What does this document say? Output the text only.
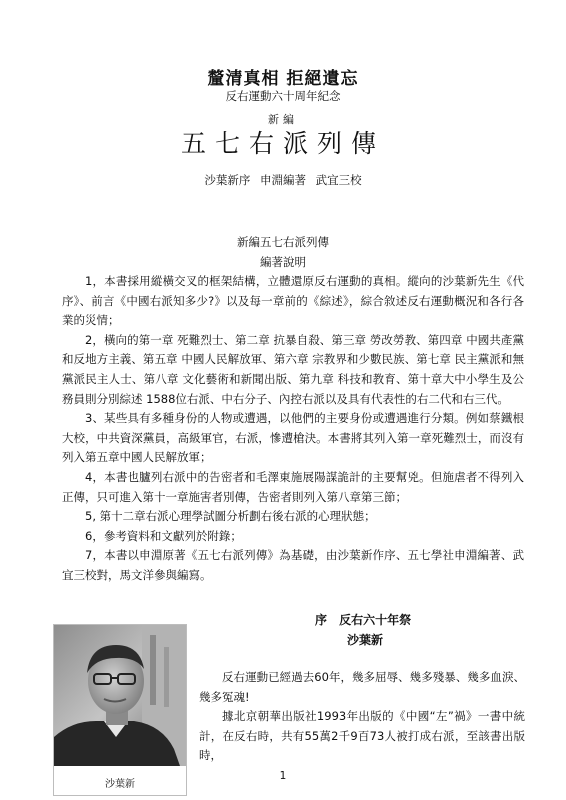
釐清真相 拒絕遺忘
反右運動六十周年紀念
新編
五七右派列傳
沙葉新序 申淵編著 武宜三校
新編五七右派列傳
編著說明

1，本書採用縱橫交叉的框架結構，立體還原反右運動的真相。縱向的沙葉新先生《代序》、前言《中國右派知多少?》以及每一章前的《綜述》，綜合敘述反右運動概況和各行各業的災情；

2，橫向的第一章 死難烈士、第二章 抗暴自殺、第三章 勞改勞教、第四章 中國共產黨和反地方主義、第五章 中國人民解放軍、第六章 宗教界和少數民族、第七章 民主黨派和無黨派民主人士、第八章 文化藝術和新聞出版、第九章 科技和教育、第十章大中小學生及公務員則分別綜述 1588位右派、中右分子、內控右派以及具有代表性的右二代和右三代。

3、某些具有多種身份的人物或遭遇，以他們的主要身份或遭遇進行分類。例如蔡鐵根大校，中共資深黨員，高級軍官，右派，慘遭槍決。本書將其列入第一章死難烈士，而沒有列入第五章中國人民解放軍；

4，本書也臚列右派中的告密者和毛澤東施展陽謀詭計的主要幫兇。但施虐者不得列入正傳，只可進入第十一章施害者別傳，告密者則列入第八章第三節；

5, 第十二章右派心理學試圖分析劃右後右派的心理狀態；

6，參考資料和文獻列於附錄；

7，本書以申淵原著《五七右派列傳》為基礎，由沙葉新作序、五七學社申淵編著、武宜三校對，馬文洋參與編寫。

序 反右六十年祭
沙葉新
沙葉新

反右運動已經過去60年，幾多屈辱、幾多殘暴、幾多血淚、幾多冤魂!

據北京朝華出版社1993年出版的《中國“左”禍》一書中統計，在反右時，共有55萬2千9百73人被打成右派，至該書出版時，

1
